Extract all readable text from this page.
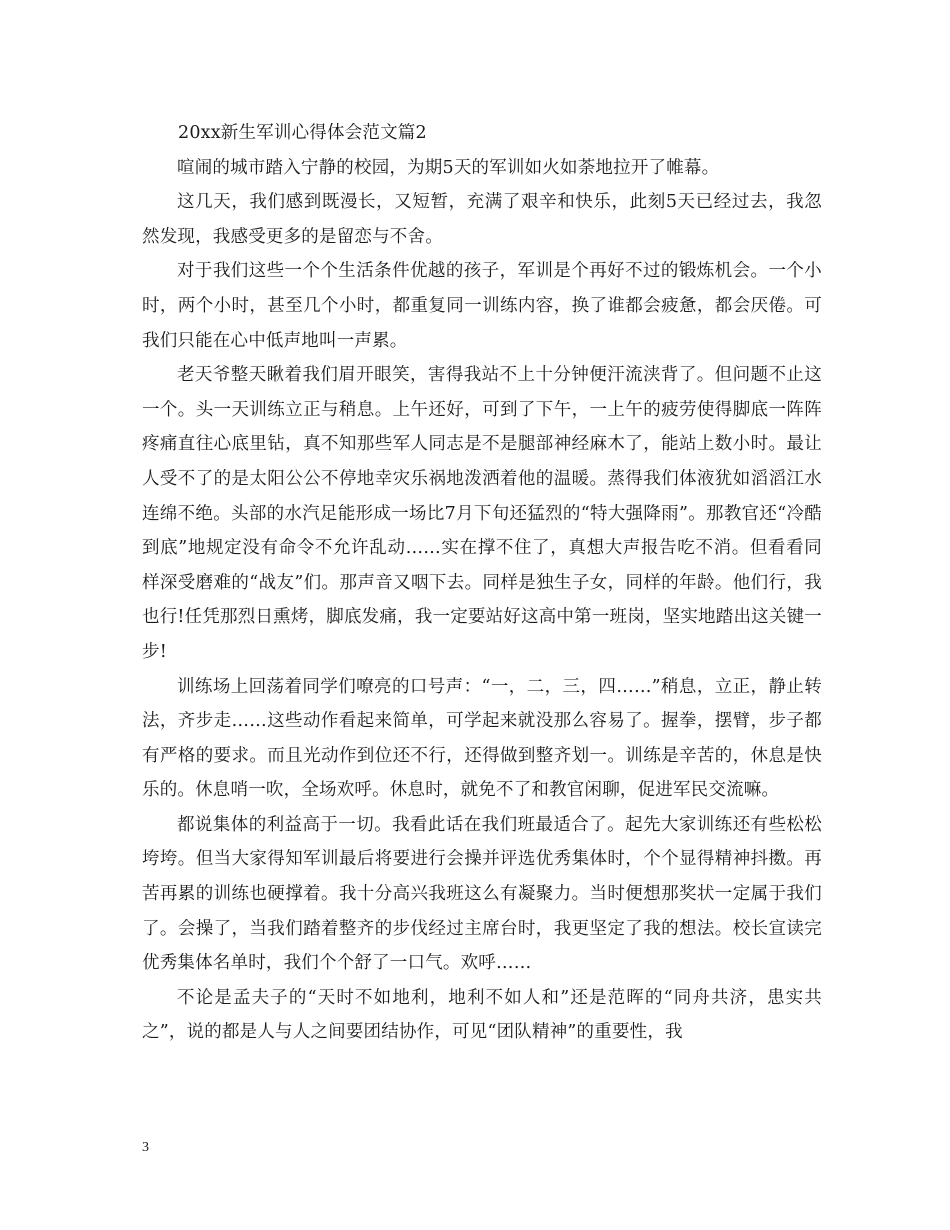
20xx新生军训心得体会范文篇2

喧闹的城市踏入宁静的校园，为期5天的军训如火如荼地拉开了帷幕。

这几天，我们感到既漫长，又短暂，充满了艰辛和快乐，此刻5天已经过去，我忽然发现，我感受更多的是留恋与不舍。

对于我们这些一个个生活条件优越的孩子，军训是个再好不过的锻炼机会。一个小时，两个小时，甚至几个小时，都重复同一训练内容，换了谁都会疲惫，都会厌倦。可我们只能在心中低声地叫一声累。

老天爷整天瞅着我们眉开眼笑，害得我站不上十分钟便汗流浃背了。但问题不止这一个。头一天训练立正与稍息。上午还好，可到了下午，一上午的疲劳使得脚底一阵阵疼痛直往心底里钻，真不知那些军人同志是不是腿部神经麻木了，能站上数小时。最让人受不了的是太阳公公不停地幸灾乐祸地泼洒着他的温暖。蒸得我们体液犹如滔滔江水连绵不绝。头部的水汽足能形成一场比7月下旬还猛烈的“特大强降雨”。那教官还“冷酷到底”地规定没有命令不允许乱动……实在撑不住了，真想大声报告吃不消。但看看同样深受磨难的“战友”们。那声音又咽下去。同样是独生子女，同样的年龄。他们行，我也行!任凭那烈日熏烤，脚底发痛，我一定要站好这高中第一班岗，坚实地踏出这关键一步!

训练场上回荡着同学们嘹亮的口号声：“一，二，三，四……”稍息，立正，静止转法，齐步走……这些动作看起来简单，可学起来就没那么容易了。握拳，摆臂，步子都有严格的要求。而且光动作到位还不行，还得做到整齐划一。训练是辛苦的，休息是快乐的。休息哨一吹，全场欢呼。休息时，就免不了和教官闲聊，促进军民交流嘛。

都说集体的利益高于一切。我看此话在我们班最适合了。起先大家训练还有些松松垮垮。但当大家得知军训最后将要进行会操并评选优秀集体时，个个显得精神抖擞。再苦再累的训练也硬撑着。我十分高兴我班这么有凝聚力。当时便想那奖状一定属于我们了。会操了，当我们踏着整齐的步伐经过主席台时，我更坚定了我的想法。校长宣读完优秀集体名单时，我们个个舒了一口气。欢呼……

不论是孟夫子的“天时不如地利，地利不如人和”还是范晖的“同舟共济，患实共之”，说的都是人与人之间要团结协作，可见“团队精神”的重要性，我

3
